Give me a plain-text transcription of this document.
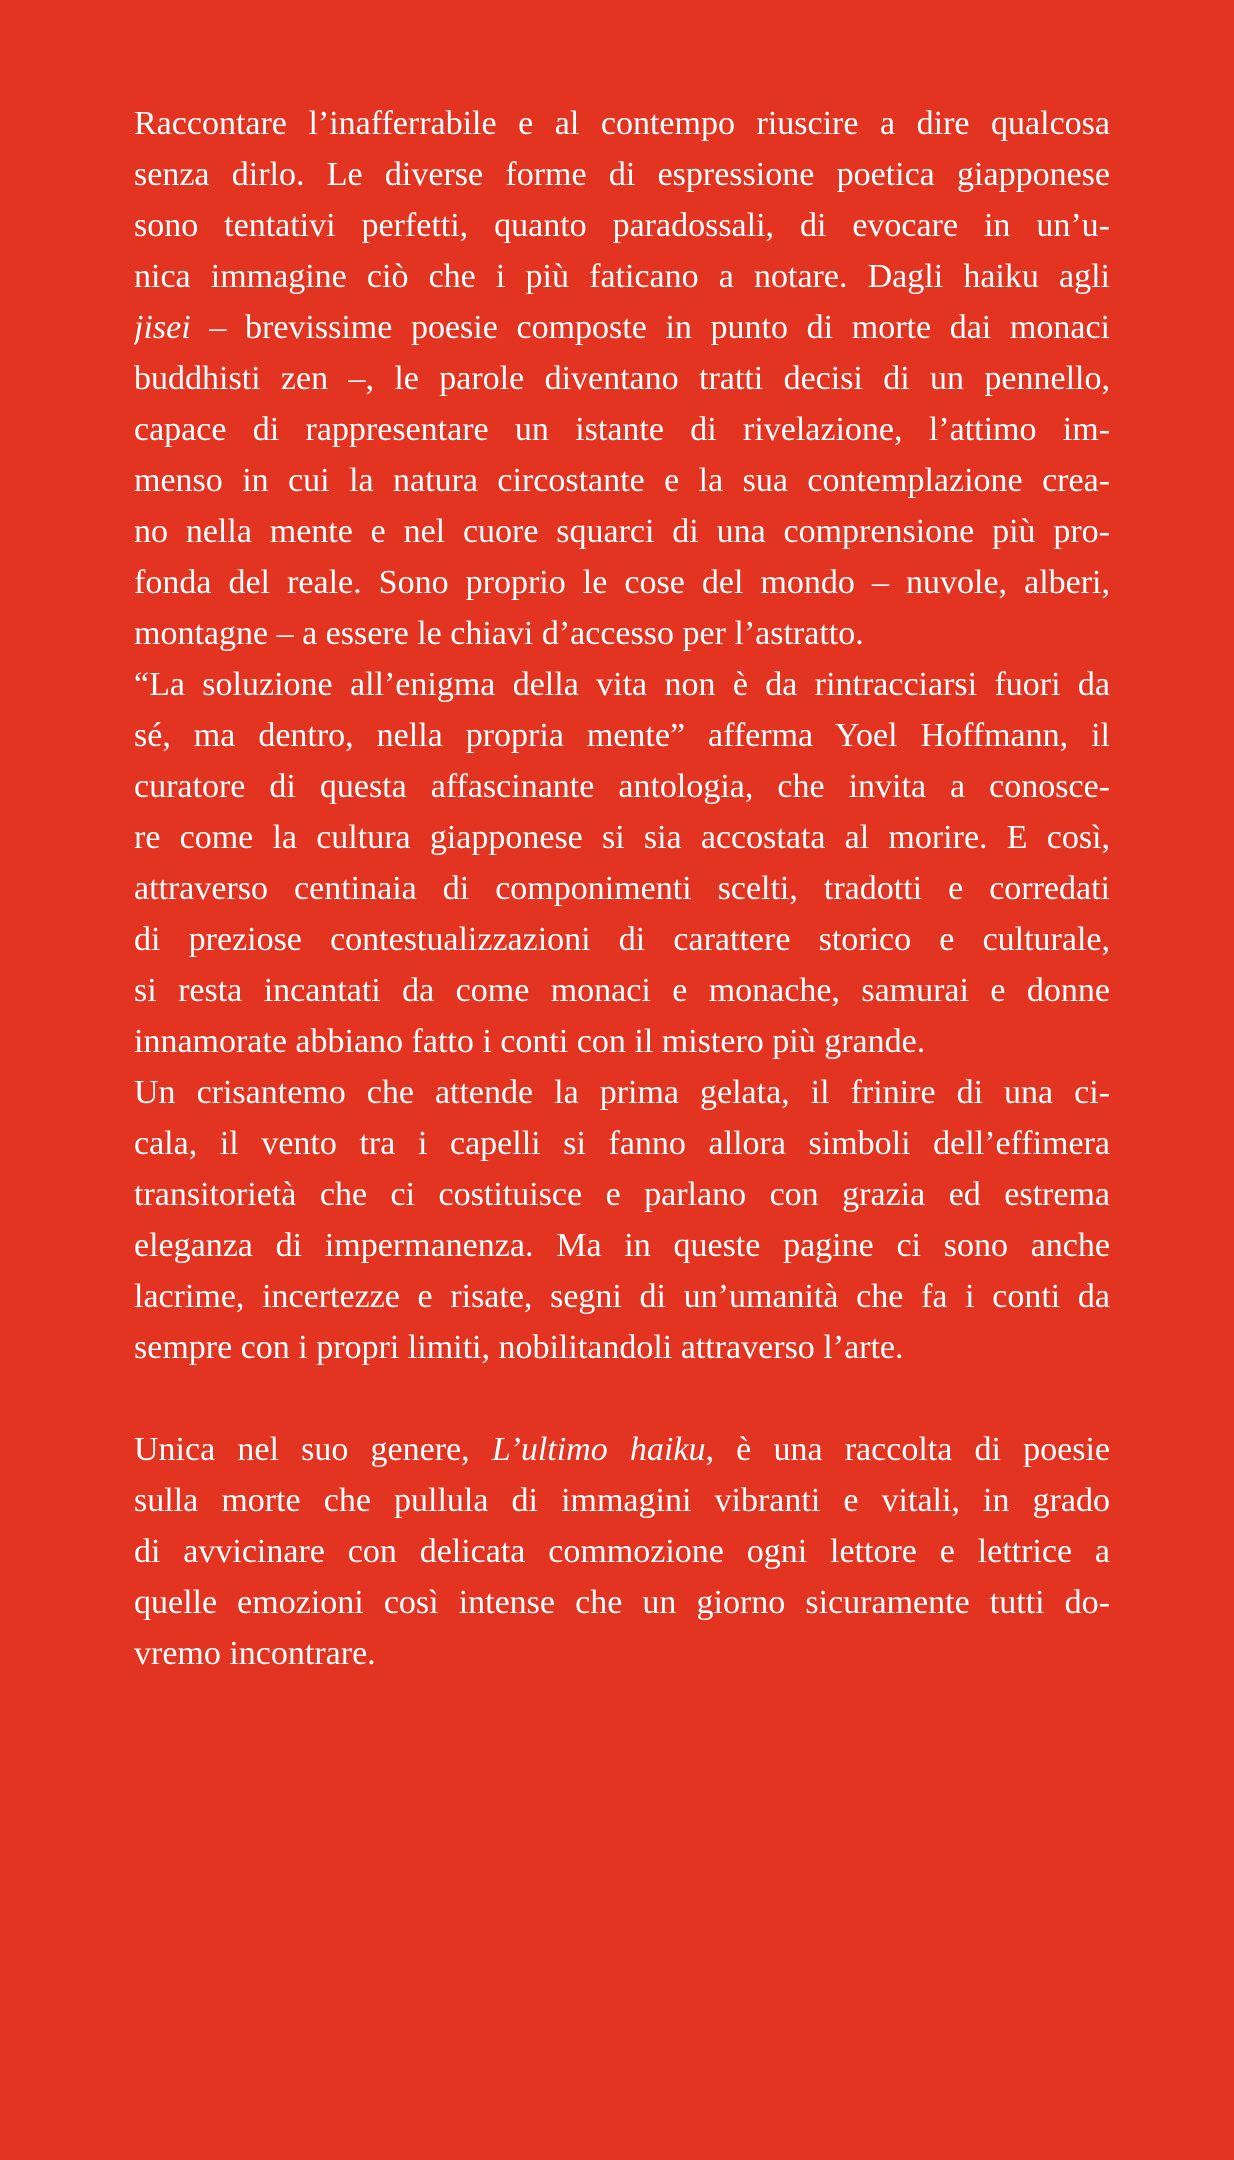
Raccontare l’inafferrabile e al contempo riuscire a dire qualcosa
senza dirlo. Le diverse forme di espressione poetica giapponese
sono tentativi perfetti, quanto paradossali, di evocare in un’u-
nica immagine ciò che i più faticano a notare. Dagli haiku agli
jisei – brevissime poesie composte in punto di morte dai monaci
buddhisti zen –, le parole diventano tratti decisi di un pennello,
capace di rappresentare un istante di rivelazione, l’attimo im-
menso in cui la natura circostante e la sua contemplazione crea-
no nella mente e nel cuore squarci di una comprensione più pro-
fonda del reale. Sono proprio le cose del mondo – nuvole, alberi,
montagne – a essere le chiavi d’accesso per l’astratto.
“La soluzione all’enigma della vita non è da rintracciarsi fuori da
sé, ma dentro, nella propria mente” afferma Yoel Hoffmann, il
curatore di questa affascinante antologia, che invita a conosce-
re come la cultura giapponese si sia accostata al morire. E così,
attraverso centinaia di componimenti scelti, tradotti e corredati
di preziose contestualizzazioni di carattere storico e culturale,
si resta incantati da come monaci e monache, samurai e donne
innamorate abbiano fatto i conti con il mistero più grande.
Un crisantemo che attende la prima gelata, il frinire di una ci-
cala, il vento tra i capelli si fanno allora simboli dell’effimera
transitorietà che ci costituisce e parlano con grazia ed estrema
eleganza di impermanenza. Ma in queste pagine ci sono anche
lacrime, incertezze e risate, segni di un’umanità che fa i conti da
sempre con i propri limiti, nobilitandoli attraverso l’arte.
Unica nel suo genere, L’ultimo haiku, è una raccolta di poesie
sulla morte che pullula di immagini vibranti e vitali, in grado
di avvicinare con delicata commozione ogni lettore e lettrice a
quelle emozioni così intense che un giorno sicuramente tutti do-
vremo incontrare.
